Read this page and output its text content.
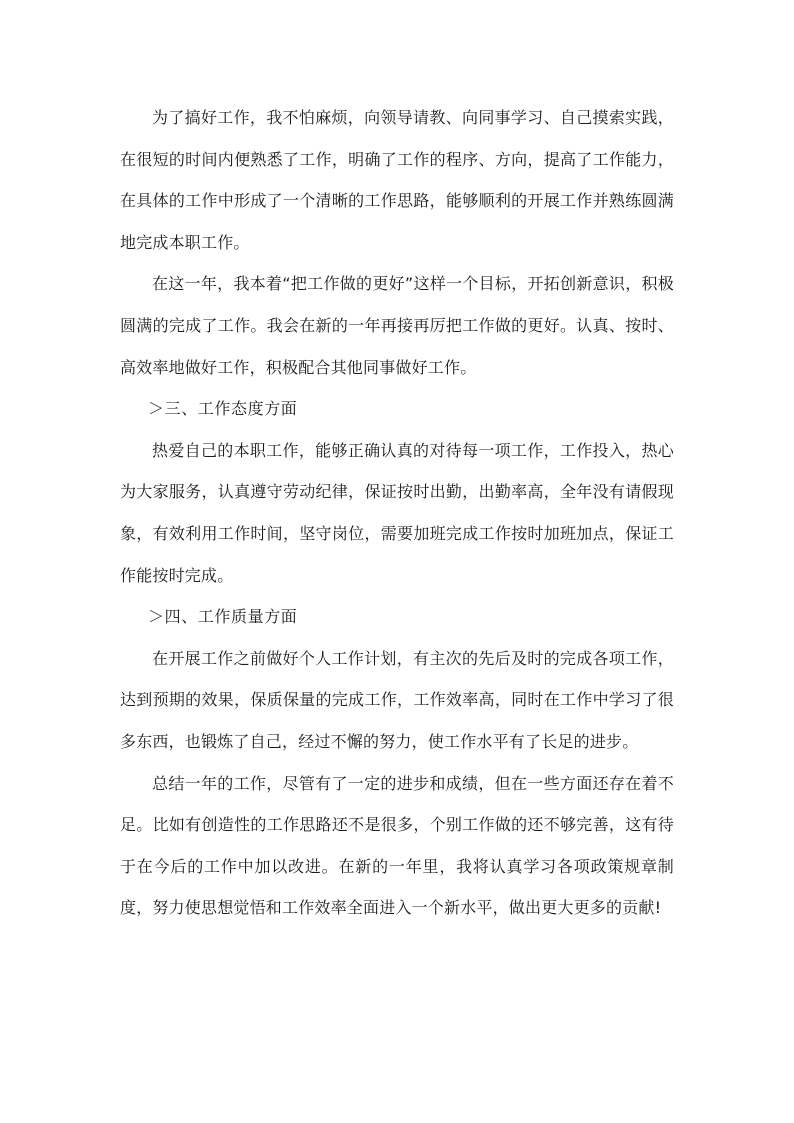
为了搞好工作，我不怕麻烦，向领导请教、向同事学习、自己摸索实践，在很短的时间内便熟悉了工作，明确了工作的程序、方向，提高了工作能力，在具体的工作中形成了一个清晰的工作思路，能够顺利的开展工作并熟练圆满地完成本职工作。

在这一年，我本着“把工作做的更好”这样一个目标，开拓创新意识，积极圆满的完成了工作。我会在新的一年再接再厉把工作做的更好。认真、按时、高效率地做好工作，积极配合其他同事做好工作。

＞三、工作态度方面

热爱自己的本职工作，能够正确认真的对待每一项工作，工作投入，热心为大家服务，认真遵守劳动纪律，保证按时出勤，出勤率高，全年没有请假现象，有效利用工作时间，坚守岗位，需要加班完成工作按时加班加点，保证工作能按时完成。

＞四、工作质量方面

在开展工作之前做好个人工作计划，有主次的先后及时的完成各项工作，达到预期的效果，保质保量的完成工作，工作效率高，同时在工作中学习了很多东西，也锻炼了自己，经过不懈的努力，使工作水平有了长足的进步。

总结一年的工作，尽管有了一定的进步和成绩，但在一些方面还存在着不足。比如有创造性的工作思路还不是很多，个别工作做的还不够完善，这有待于在今后的工作中加以改进。在新的一年里，我将认真学习各项政策规章制度，努力使思想觉悟和工作效率全面进入一个新水平，做出更大更多的贡献!
